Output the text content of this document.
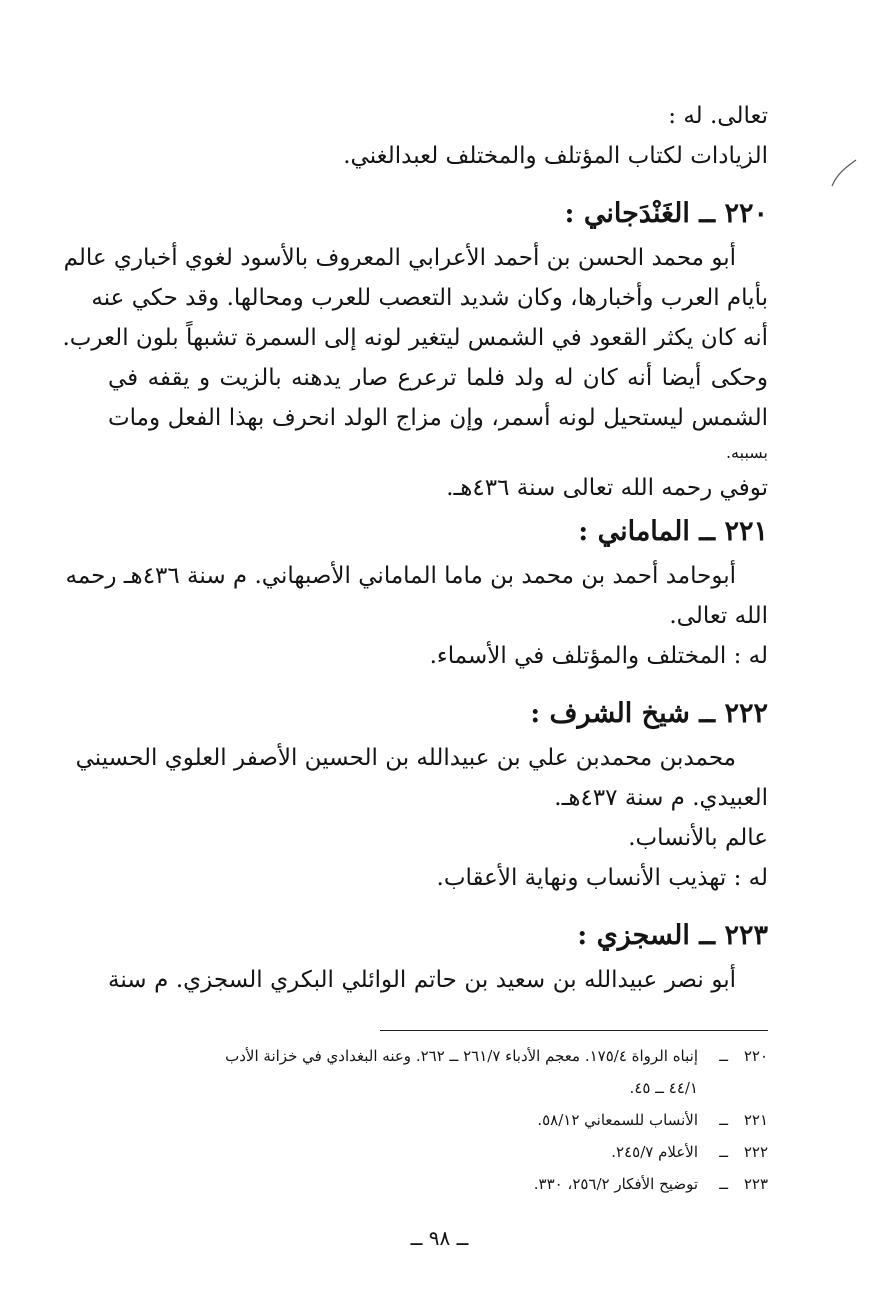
تعالى. له :
الزيادات لكتاب المؤتلف والمختلف لعبدالغني.
٢٢٠ ــ الغَنْدَجاني :
أبو محمد الحسن بن أحمد الأعرابي المعروف بالأسود لغوي أخباري عالم
بأيام العرب وأخبارها، وكان شديد التعصب للعرب ومحالها. وقد حكي عنه
أنه كان يكثر القعود في الشمس ليتغير لونه إلى السمرة تشبهاً بلون العرب.
وحكى أيضا أنه كان له ولد فلما ترعرع صار يدهنه بالزيت و يقفه في
الشمس ليستحيل لونه أسمر، وإن مزاج الولد انحرف بهذا الفعل ومات
بسببه.
توفي رحمه الله تعالى سنة ٤٣٦هـ.
٢٢١ ــ الماماني :
أبوحامد أحمد بن محمد بن ماما الماماني الأصبهاني. م سنة ٤٣٦هـ رحمه
الله تعالى.
له : المختلف والمؤتلف في الأسماء.
٢٢٢ ــ شيخ الشرف :
محمدبن محمدبن علي بن عبيدالله بن الحسين الأصفر العلوي الحسيني
العبيدي. م سنة ٤٣٧هـ.
عالم بالأنساب.
له : تهذيب الأنساب ونهاية الأعقاب.
٢٢٣ ــ السجزي :
أبو نصر عبيدالله بن سعيد بن حاتم الوائلي البكري السجزي. م سنة
٢٢٠
ــ
إنباه الرواة ١٧٥/٤. معجم الأدباء ٢٦١/٧ ــ ٢٦٢. وعنه البغدادي في خزانة الأدب
٤٤/١ ــ ٤٥.
٢٢١
ــ
الأنساب للسمعاني ٥٨/١٢.
٢٢٢
ــ
الأعلام ٢٤٥/٧.
٢٢٣
ــ
توضيح الأفكار ٢٥٦/٢، ٣٣٠.
ــ ٩٨ ــ
